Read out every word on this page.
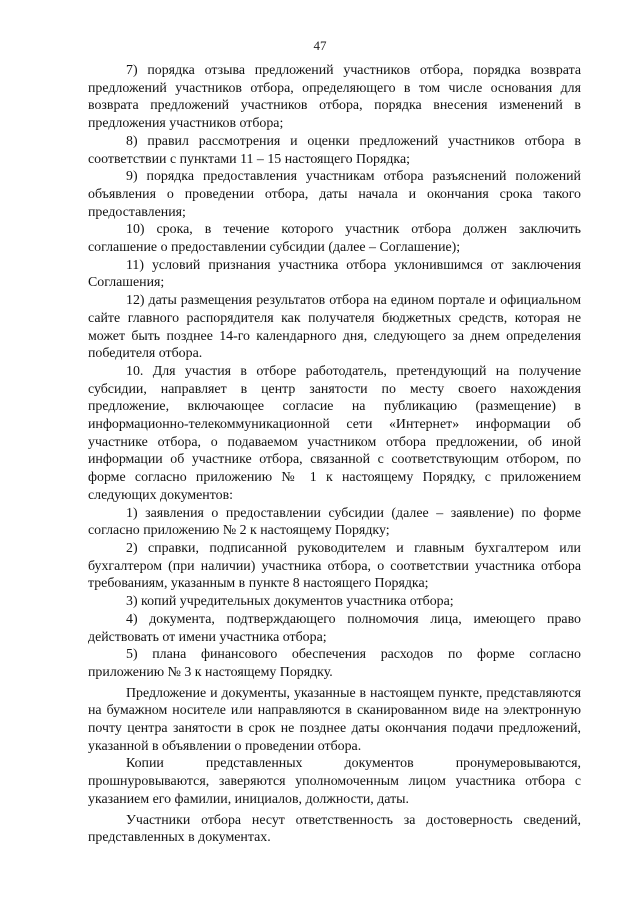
47

7) порядка отзыва предложений участников отбора, порядка возврата предложений участников отбора, определяющего в том числе основания для возврата предложений участников отбора, порядка внесения изменений в предложения участников отбора;

8) правил рассмотрения и оценки предложений участников отбора в соответствии с пунктами 11 – 15 настоящего Порядка;

9) порядка предоставления участникам отбора разъяснений положений объявления о проведении отбора, даты начала и окончания срока такого предоставления;

10) срока, в течение которого участник отбора должен заключить соглашение о предоставлении субсидии (далее – Соглашение);

11) условий признания участника отбора уклонившимся от заключения Соглашения;

12) даты размещения результатов отбора на едином портале и официальном сайте главного распорядителя как получателя бюджетных средств, которая не может быть позднее 14-го календарного дня, следующего за днем определения победителя отбора.

10. Для участия в отборе работодатель, претендующий на получение субсидии, направляет в центр занятости по месту своего нахождения предложение, включающее согласие на публикацию (размещение) в информационно-телекоммуникационной сети «Интернет» информации об участнике отбора, о подаваемом участником отбора предложении, об иной информации об участнике отбора, связанной с соответствующим отбором, по форме согласно приложению № 1 к настоящему Порядку, с приложением следующих документов:

1) заявления о предоставлении субсидии (далее – заявление) по форме согласно приложению № 2 к настоящему Порядку;

2) справки, подписанной руководителем и главным бухгалтером или бухгалтером (при наличии) участника отбора, о соответствии участника отбора требованиям, указанным в пункте 8 настоящего Порядка;

3) копий учредительных документов участника отбора;

4) документа, подтверждающего полномочия лица, имеющего право действовать от имени участника отбора;

5) плана финансового обеспечения расходов по форме согласно приложению № 3 к настоящему Порядку.

Предложение и документы, указанные в настоящем пункте, представляются на бумажном носителе или направляются в сканированном виде на электронную почту центра занятости в срок не позднее даты окончания подачи предложений, указанной в объявлении о проведении отбора.

Копии представленных документов пронумеровываются, прошнуровываются, заверяются уполномоченным лицом участника отбора с указанием его фамилии, инициалов, должности, даты.

Участники отбора несут ответственность за достоверность сведений, представленных в документах.
